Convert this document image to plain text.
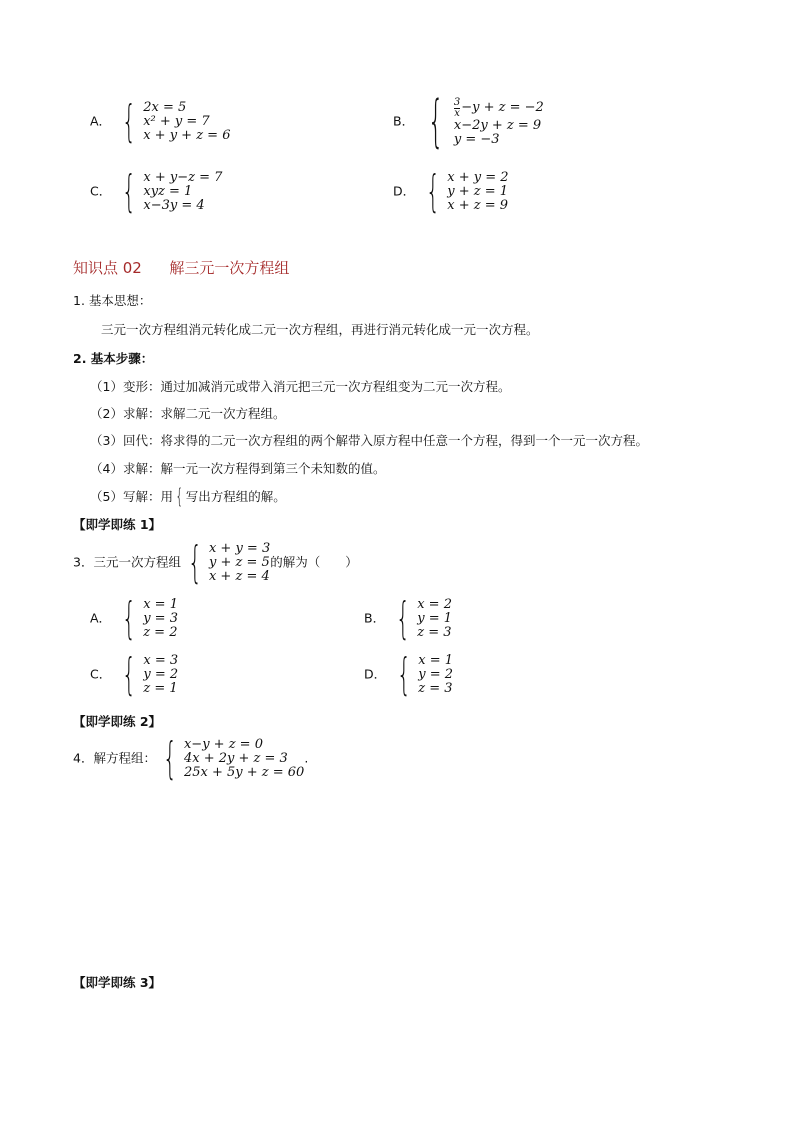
A． { 2x = 5
x² + y = 7
x + y + z = 6
B． { $\frac{3}{x} -y + z = -2$
x−2y + z = 9
y = −3
C． { x + y−z = 7
xyz = 1
x−3y = 4
D． { x + y = 2
y + z = 1
x + z = 9
知识点 02 解三元一次方程组
1. 基本思想：
三元一次方程组消元转化成二元一次方程组，再进行消元转化成一元一次方程。
2. 基本步骤：
（1）变形：通过加减消元或带入消元把三元一次方程组变为二元一次方程。
（2）求解：求解二元一次方程组。
（3）回代：将求得的二元一次方程组的两个解带入原方程中任意一个方程，得到一个一元一次方程。
（4）求解：解一元一次方程得到第三个未知数的值。
（5）写解：用 { 写出方程组的解。
【即学即练 1】
3．三元一次方程组 { x + y = 3
y + z = 5
x + z = 4
的解为（　　）
A． { x = 1
y = 3
z = 2
B． { x = 2
y = 1
z = 3
C． { x = 3
y = 2
z = 1
D． { x = 1
y = 2
z = 3
【即学即练 2】
4．解方程组： { x−y + z = 0
4x + 2y + z = 3
25x + 5y + z = 60
.
【即学即练 3】
